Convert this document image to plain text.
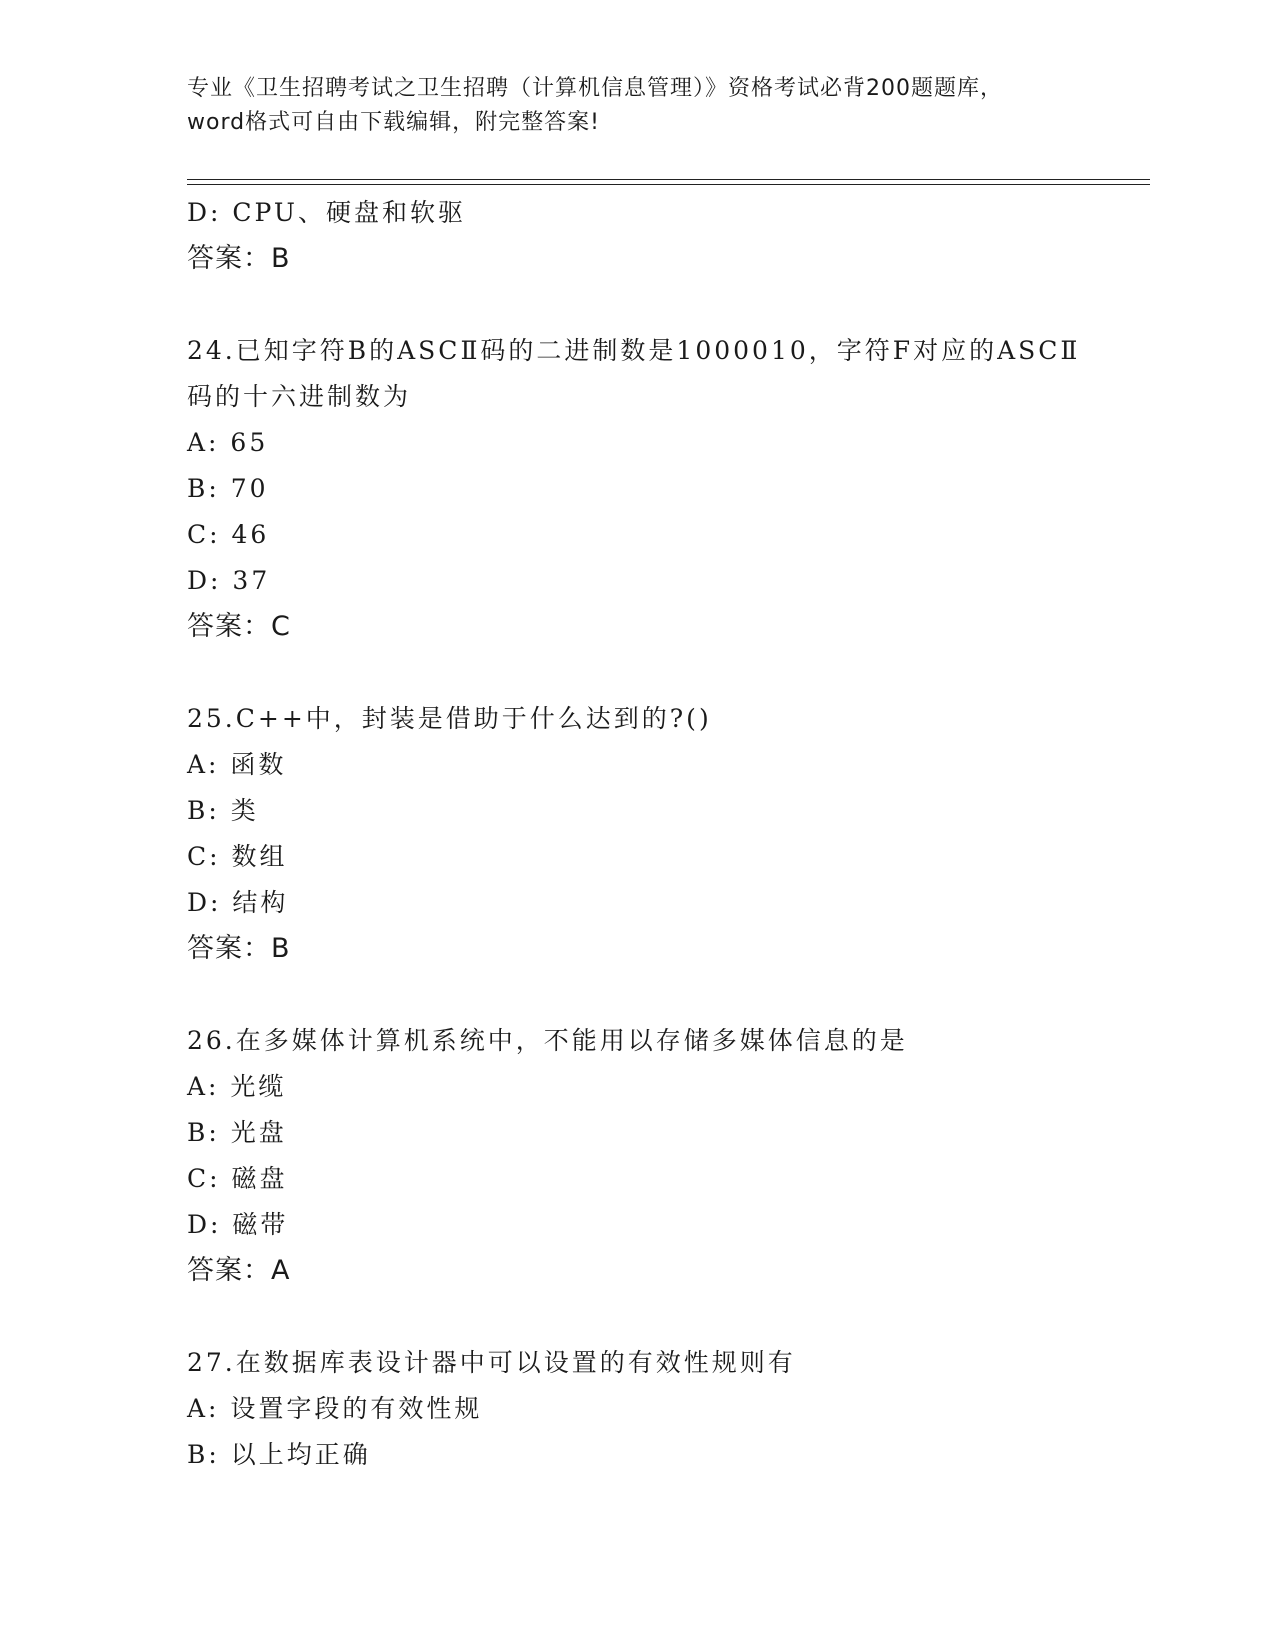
专业《卫生招聘考试之卫生招聘（计算机信息管理）》资格考试必背200题题库，
word格式可自由下载编辑，附完整答案!
D: CPU、硬盘和软驱
答案：B
24.已知字符B的ASCⅡ码的二进制数是1000010，字符F对应的ASCⅡ
码的十六进制数为
A: 65
B: 70
C: 46
D: 37
答案：C
25.C++中，封装是借助于什么达到的?()
A: 函数
B: 类
C: 数组
D: 结构
答案：B
26.在多媒体计算机系统中，不能用以存储多媒体信息的是
A: 光缆
B: 光盘
C: 磁盘
D: 磁带
答案：A
27.在数据库表设计器中可以设置的有效性规则有
A: 设置字段的有效性规
B: 以上均正确
